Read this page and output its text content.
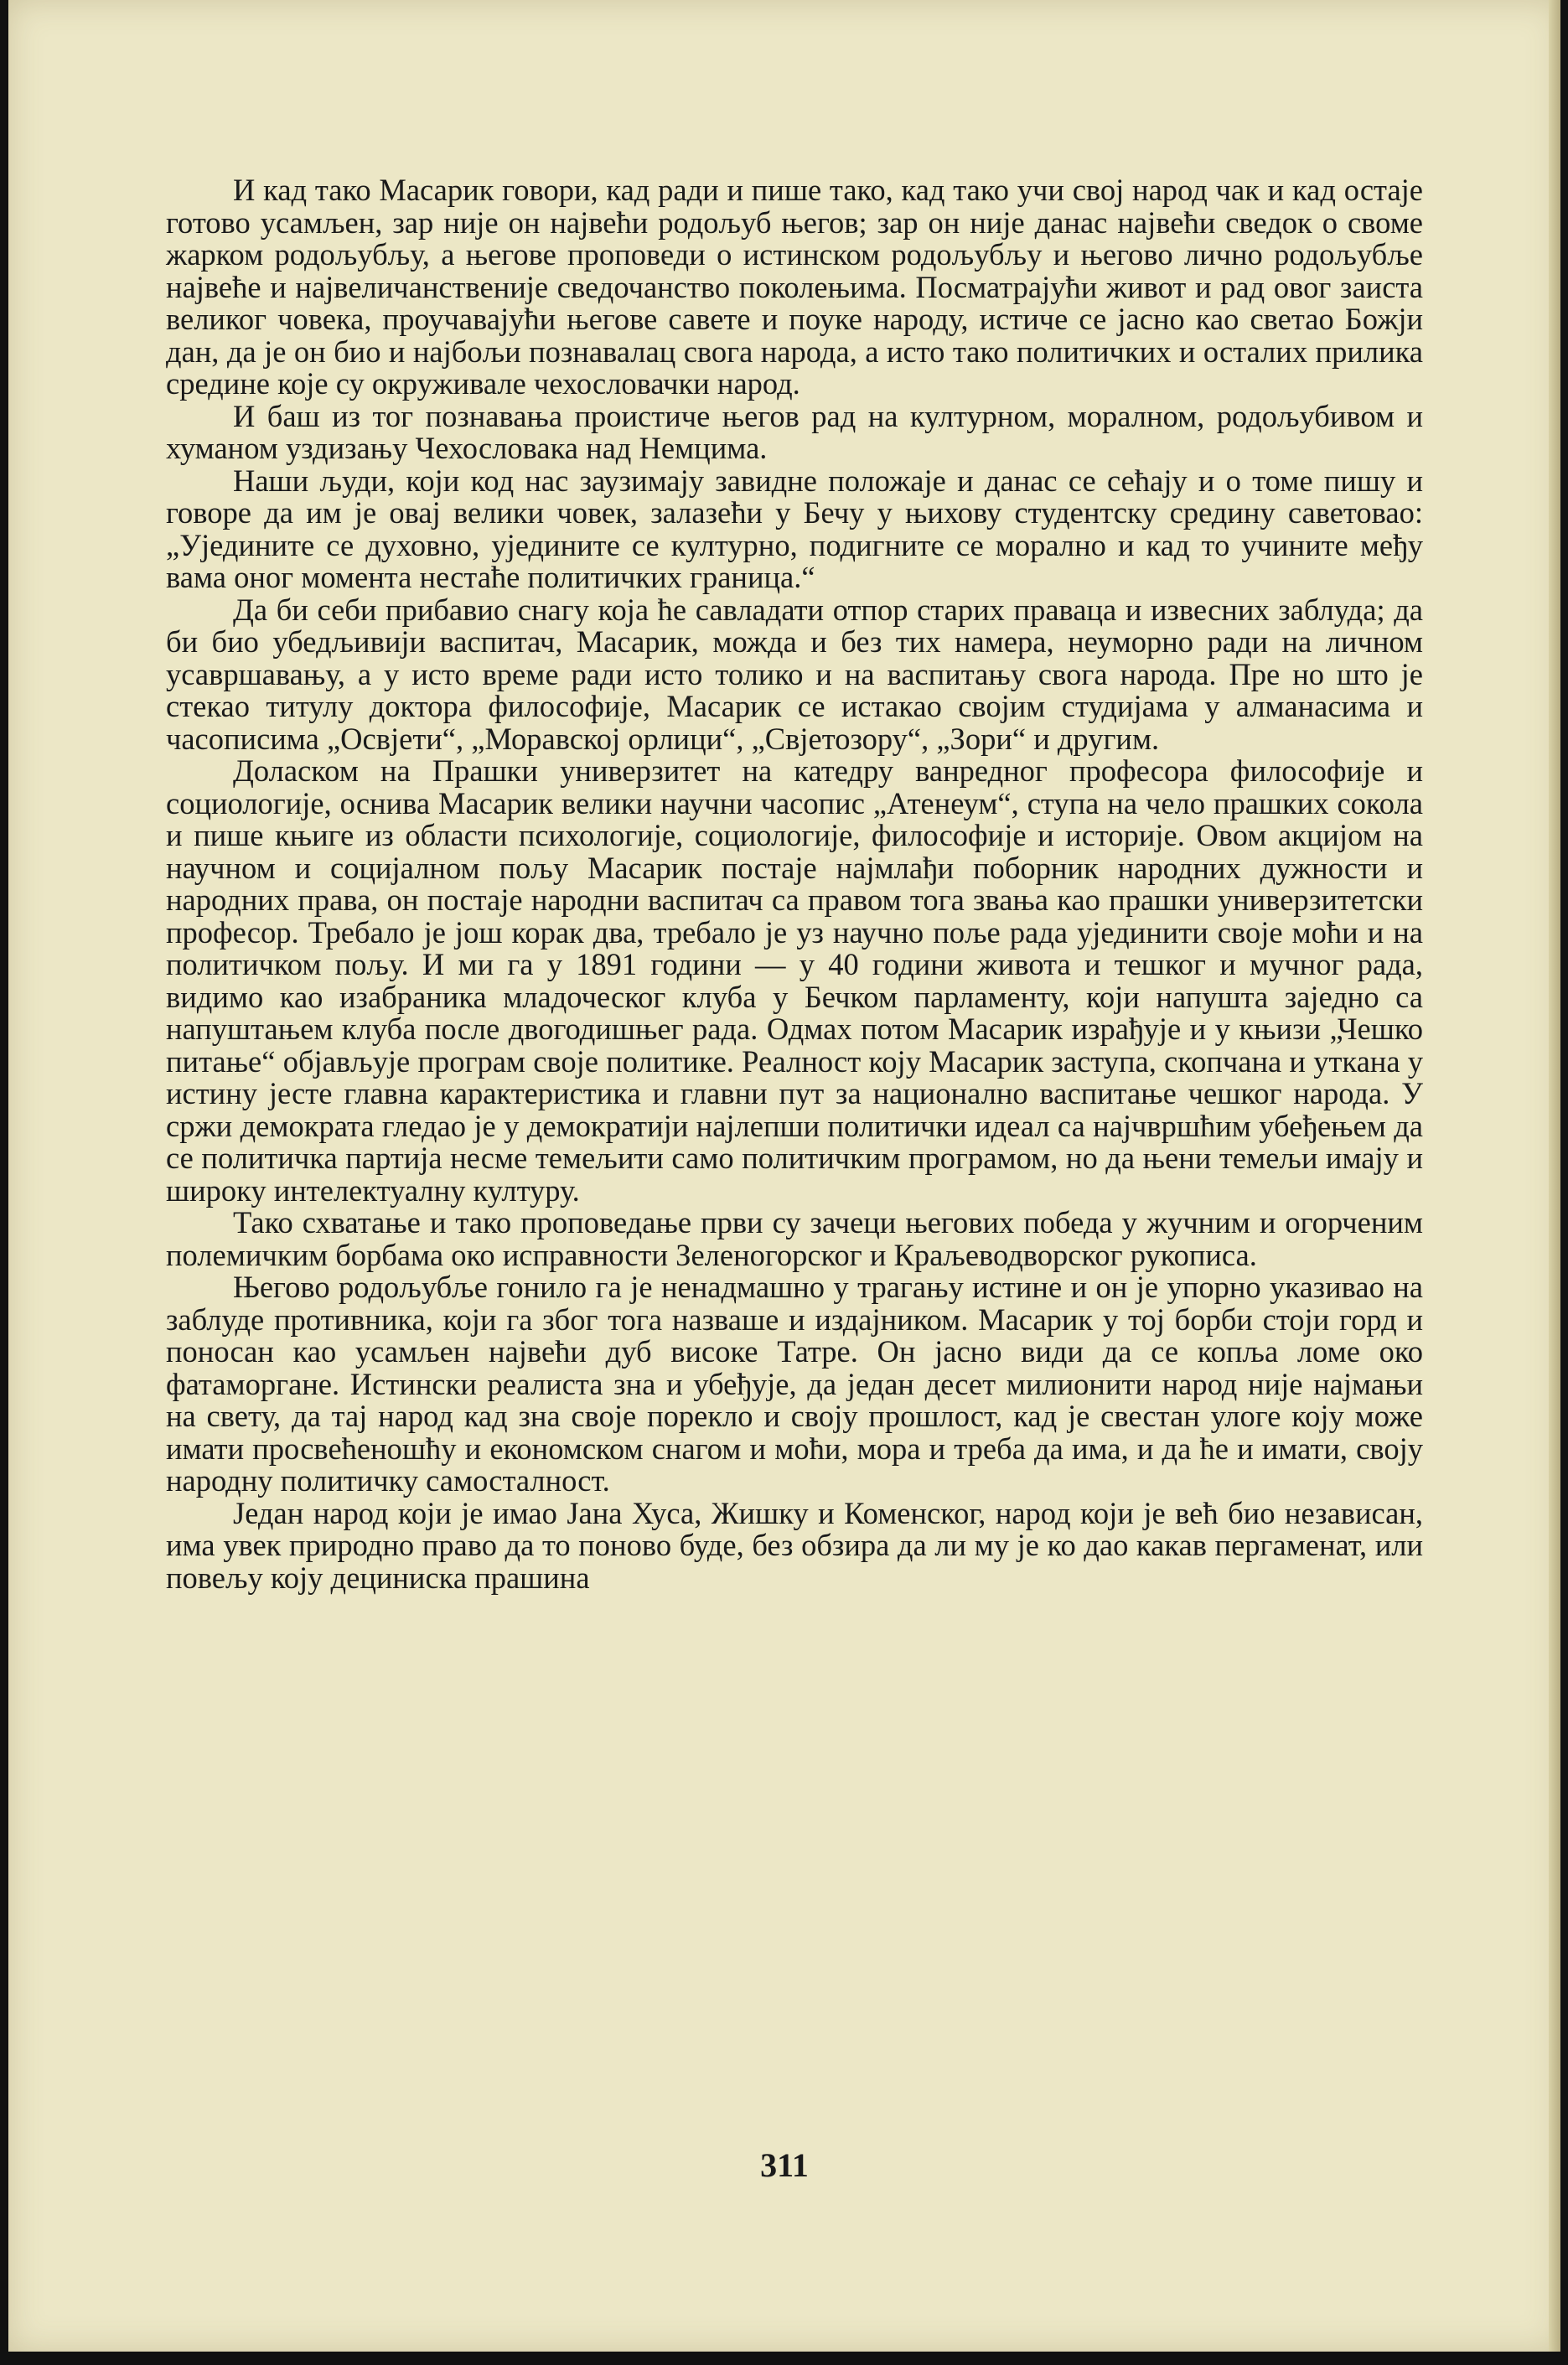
И кад тако Масарик говори, кад ради и пише тако, кад тако учи свој народ чак и кад остаје готово усамљен, зар није он највећи родољуб његов; зар он није данас највећи сведок о своме жарком родољубљу, а његове проповеди о истинском родољубљу и његово лично родољубље највеће и највеличанственије сведочанство поколењима. Посматрајући живот и рад овог заиста великог човека, проучавајући његове савете и поуке народу, истиче се јасно као светао Божји дан, да је он био и најбољи познавалац свога народа, а исто тако политичких и осталих прилика средине које су окруживале чехословачки народ.

И баш из тог познавања проистиче његов рад на културном, моралном, родољубивом и хуманом уздизању Чехословака над Немцима.

Наши људи, који код нас заузимају завидне положаје и данас се сећају и о томе пишу и говоре да им је овај велики човек, залазећи у Бечу у њихову студентску средину саветовао: „Уједините се духовно, уједините се културно, подигните се морално и кад то учините међу вама оног момента нестаће политичких граница.“

Да би себи прибавио снагу која ће савладати отпор старих праваца и извесних заблуда; да би био убедљивији васпитач, Масарик, можда и без тих намера, неуморно ради на личном усавршавању, а у исто време ради исто толико и на васпитању свога народа. Пре но што је стекао титулу доктора философије, Масарик се истакао својим студијама у алманасима и часописима „Освјети“, „Моравској орлици“, „Свјетозору“, „Зори“ и другим.

Доласком на Прашки универзитет на катедру ванредног професора философије и социологије, оснива Масарик велики научни часопис „Атенеум“, ступа на чело прашких сокола и пише књиге из области психологије, социологије, философије и историје. Овом акцијом на научном и социјалном пољу Масарик постаје најмлађи поборник народних дужности и народних права, он постаје народни васпитач са правом тога звања као прашки универзитетски професор. Требало је још корак два, требало је уз научно поље рада ујединити своје моћи и на политичком пољу. И ми га у 1891 години — у 40 години живота и тешког и мучног рада, видимо као изабраника младоческог клуба у Бечком парламенту, који напушта заједно са напуштањем клуба после двогодишњег рада. Одмах потом Масарик израђује и у књизи „Чешко питање“ објављује програм своје политике. Реалност коју Масарик заступа, скопчана и уткана у истину јесте главна карактеристика и главни пут за национално васпитање чешког народа. У сржи демократа гледао је у демократији најлепши политички идеал са најчвршћим убеђењем да се политичка партија несме темељити само политичким програмом, но да њени темељи имају и широку интелектуалну културу.

Тако схватање и тако проповедање први су зачеци његових победа у жучним и огорченим полемичким борбама око исправности Зеленогорског и Краљеводворског рукописа.

Његово родољубље гонило га је ненадмашно у трагању истине и он је упорно указивао на заблуде противника, који га због тога назваше и издајником. Масарик у тој борби стоји горд и поносан као усамљен највећи дуб високе Татре. Он јасно види да се копља ломе око фатаморгане. Истински реалиста зна и убеђује, да један десет милионити народ није најмањи на свету, да тај народ кад зна своје порекло и своју прошлост, кад је свестан улоге коју може имати просвећеношћу и економском снагом и моћи, мора и треба да има, и да ће и имати, своју народну политичку самосталност.

Један народ који је имао Јана Хуса, Жишку и Коменског, народ који је већ био независан, има увек природно право да то поново буде, без обзира да ли му је ко дао какав пергаменат, или повељу коју дециниска прашина

311
